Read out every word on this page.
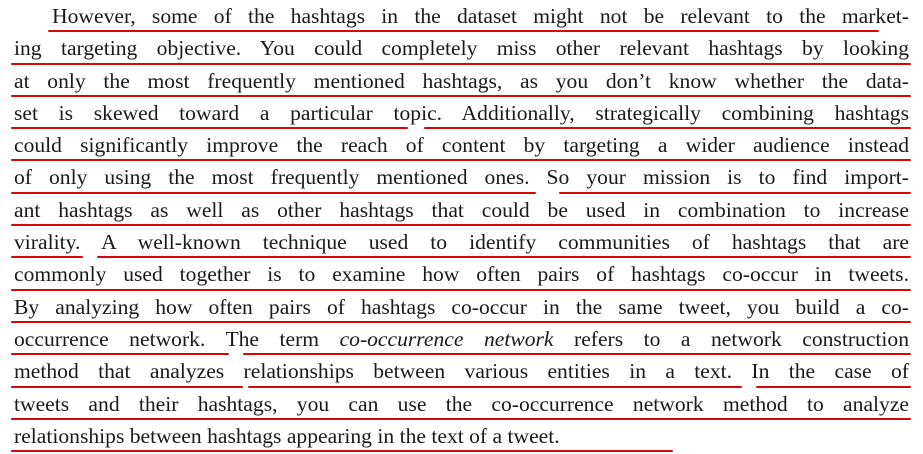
However, some of the hashtags in the dataset might not be relevant to the market-
ing targeting objective. You could completely miss other relevant hashtags by looking
at only the most frequently mentioned hashtags, as you don’t know whether the data-
set is skewed toward a particular topic. Additionally, strategically combining hashtags
could significantly improve the reach of content by targeting a wider audience instead
of only using the most frequently mentioned ones. So your mission is to find import-
ant hashtags as well as other hashtags that could be used in combination to increase
virality. A well-known technique used to identify communities of hashtags that are
commonly used together is to examine how often pairs of hashtags co-occur in tweets.
By analyzing how often pairs of hashtags co-occur in the same tweet, you build a co-
occurrence network. The term co-occurrence network refers to a network construction
method that analyzes relationships between various entities in a text. In the case of
tweets and their hashtags, you can use the co-occurrence network method to analyze
relationships between hashtags appearing in the text of a tweet.
